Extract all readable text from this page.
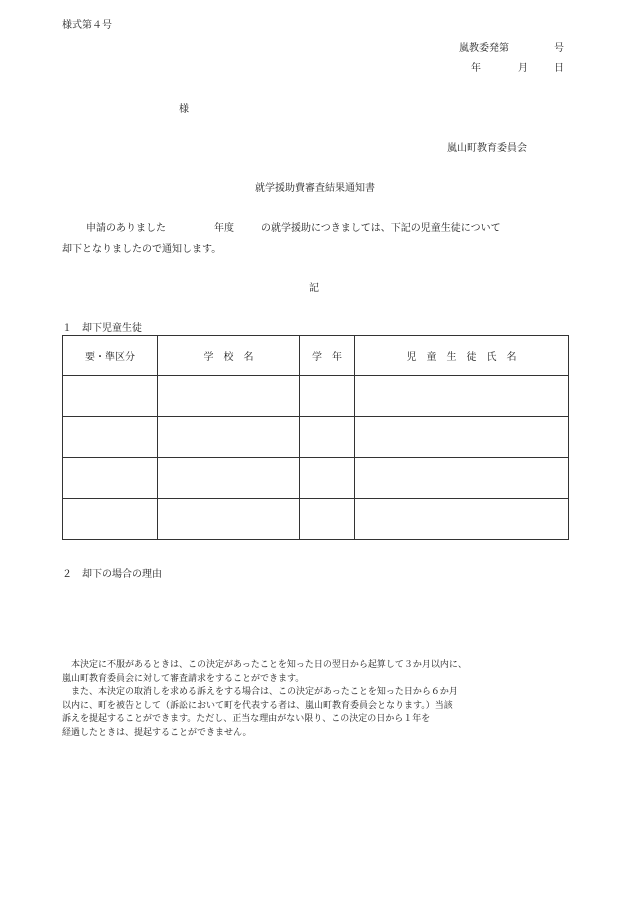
様式第４号
嵐教委発第	号
年	月	日
様
嵐山町教育委員会
就学援助費審査結果通知書
申請のありました	年度	の就学援助につきましては、下記の児童生徒について
却下となりましたので通知します。
記
１　却下児童生徒
要・準区分	学　校　名	学　年	児　童　生　徒　氏　名

２　却下の場合の理由

　本決定に不服があるときは、この決定があったことを知った日の翌日から起算して３か月以内に、

嵐山町教育委員会に対して審査請求をすることができます。

　また、本決定の取消しを求める訴えをする場合は、この決定があったことを知った日から６か月

以内に、町を被告として（訴訟において町を代表する者は、嵐山町教育委員会となります。）当該

訴えを提起することができます。ただし、正当な理由がない限り、この決定の日から１年を

経過したときは、提起することができません。
